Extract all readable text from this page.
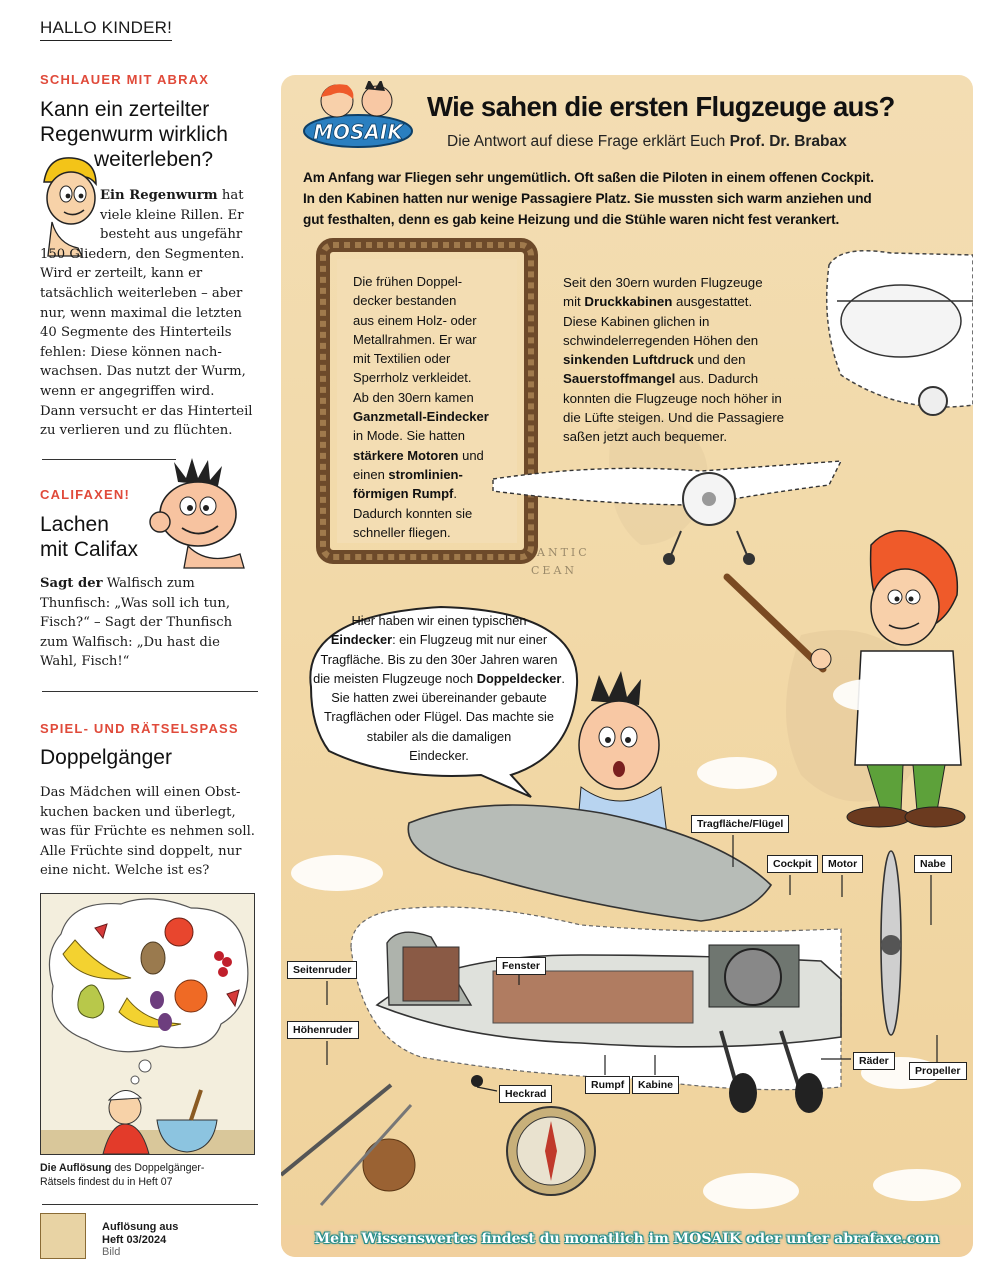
HALLO KINDER!
SCHLAUER MIT ABRAX
Kann ein zerteilter
Regenwurm wirklich
weiterleben?
Ein Regenwurm hat
viele kleine Rillen. Er
besteht aus ungefähr
150 Gliedern, den Segmenten.
Wird er zerteilt, kann er
tatsächlich weiterleben – aber
nur, wenn maximal die letzten
40 Segmente des Hinterteils
fehlen: Diese können nach-
wachsen. Das nutzt der Wurm,
wenn er angegriffen wird.
Dann versucht er das Hinterteil
zu verlieren und zu flüchten.
CALIFAXEN!
Lachen
mit Califax
Sagt der Walfisch zum
Thunfisch: „Was soll ich tun,
Fisch?“ – Sagt der Thunfisch
zum Walfisch: „Du hast die
Wahl, Fisch!“
SPIEL- UND RÄTSELSPASS
Doppelgänger
Das Mädchen will einen Obst-
kuchen backen und überlegt,
was für Früchte es nehmen soll.
Alle Früchte sind doppelt, nur
eine nicht. Welche ist es?
Die Auflösung des Doppelgänger-
Rätsels findest du in Heft 07
Auflösung aus
Heft 03/2024
Bild
MOSAIK
Wie sahen die ersten Flugzeuge aus?
Die Antwort auf diese Frage erklärt Euch Prof. Dr. Brabax
Am Anfang war Fliegen sehr ungemütlich. Oft saßen die Piloten in einem offenen Cockpit.
In den Kabinen hatten nur wenige Passagiere Platz. Sie mussten sich warm anziehen und
gut festhalten, denn es gab keine Heizung und die Stühle waren nicht fest verankert.
Die frühen Doppel-
decker bestanden
aus einem Holz- oder
Metallrahmen. Er war
mit Textilien oder
Sperrholz verkleidet.
Ab den 30ern kamen
Ganzmetall-Eindecker
in Mode. Sie hatten
stärkere Motoren und
einen stromlinien-
förmigen Rumpf.
Dadurch konnten sie
schneller fliegen.
Seit den 30ern wurden Flugzeuge
mit Druckkabinen ausgestattet.
Diese Kabinen glichen in
schwindelerregenden Höhen den
sinkenden Luftdruck und den
Sauerstoffmangel aus. Dadurch
konnten die Flugzeuge noch höher in
die Lüfte steigen. Und die Passagiere
saßen jetzt auch bequemer.
ANTIC
CEAN
Hier haben wir einen typischen
Eindecker: ein Flugzeug mit nur einer
Tragfläche. Bis zu den 30er Jahren waren
die meisten Flugzeuge noch Doppeldecker.
Sie hatten zwei übereinander gebaute
Tragflächen oder Flügel. Das machte sie
stabiler als die damaligen
Eindecker.
Tragfläche/Flügel
Cockpit	Motor	Nabe
Seitenruder	Fenster
Höhenruder
Räder
Propeller
Heckrad
Rumpf	Kabine
Mehr Wissenswertes findest du monatlich im MOSAIK oder unter abrafaxe.com
